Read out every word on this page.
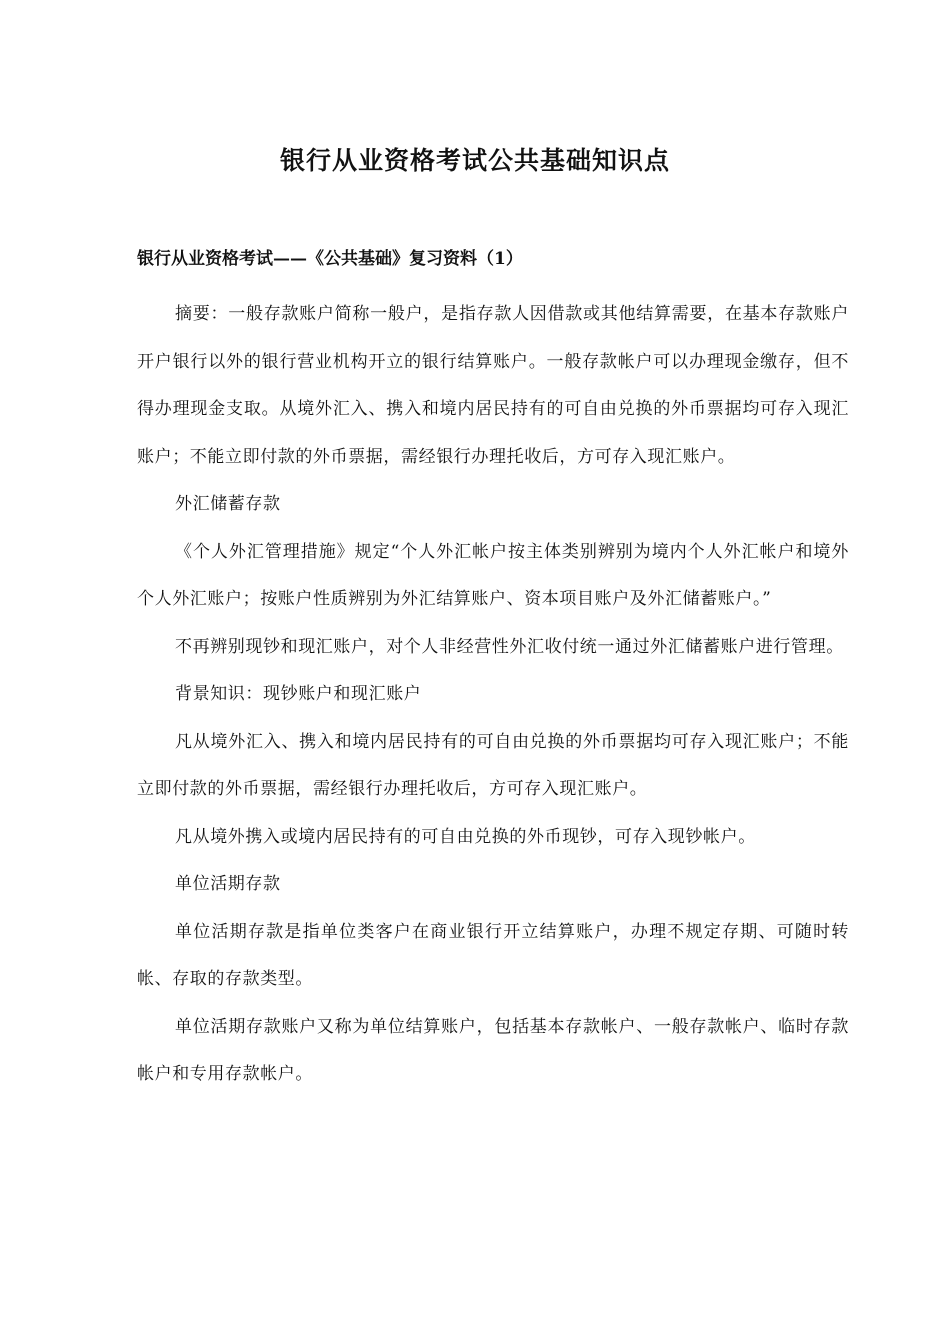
银行从业资格考试公共基础知识点
银行从业资格考试——《公共基础》复习资料（1）

摘要：一般存款账户简称一般户，是指存款人因借款或其他结算需要，在基本存款账户开户银行以外的银行营业机构开立的银行结算账户。一般存款帐户可以办理现金缴存，但不得办理现金支取。从境外汇入、携入和境内居民持有的可自由兑换的外币票据均可存入现汇账户；不能立即付款的外币票据，需经银行办理托收后，方可存入现汇账户。

外汇储蓄存款

《个人外汇管理措施》规定“个人外汇帐户按主体类别辨别为境内个人外汇帐户和境外个人外汇账户；按账户性质辨别为外汇结算账户、资本项目账户及外汇储蓄账户。”

不再辨别现钞和现汇账户，对个人非经营性外汇收付统一通过外汇储蓄账户进行管理。

背景知识：现钞账户和现汇账户

凡从境外汇入、携入和境内居民持有的可自由兑换的外币票据均可存入现汇账户；不能立即付款的外币票据，需经银行办理托收后，方可存入现汇账户。

凡从境外携入或境内居民持有的可自由兑换的外币现钞，可存入现钞帐户。

单位活期存款

单位活期存款是指单位类客户在商业银行开立结算账户，办理不规定存期、可随时转帐、存取的存款类型。

单位活期存款账户又称为单位结算账户，包括基本存款帐户、一般存款帐户、临时存款帐户和专用存款帐户。
